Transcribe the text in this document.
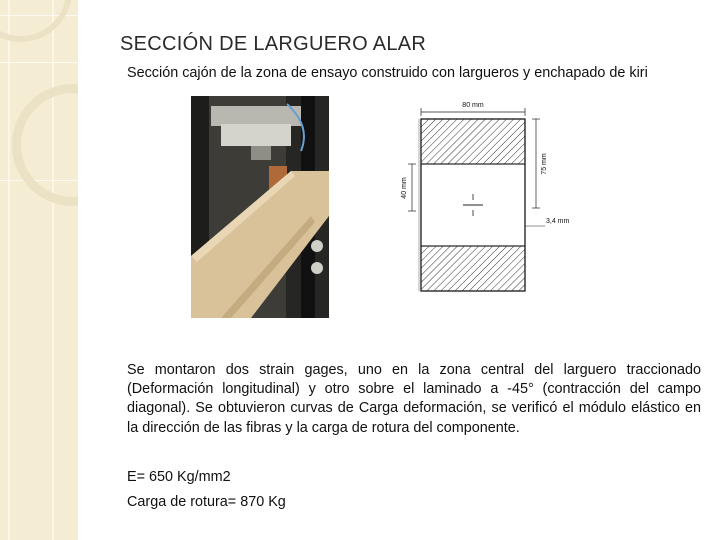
SECCIÓN DE LARGUERO ALAR
Sección cajón de la zona de ensayo construido con largueros y enchapado de kiri
80 mm
75 mm
40 mm
3,4 mm
Se montaron dos strain gages, uno en la zona central del larguero traccionado (Deformación longitudinal) y otro sobre el laminado a -45° (contracción del campo diagonal). Se obtuvieron curvas de Carga deformación, se verificó el módulo elástico en la dirección de las fibras y la carga de rotura del componente.
E= 650 Kg/mm2
Carga de rotura= 870 Kg
